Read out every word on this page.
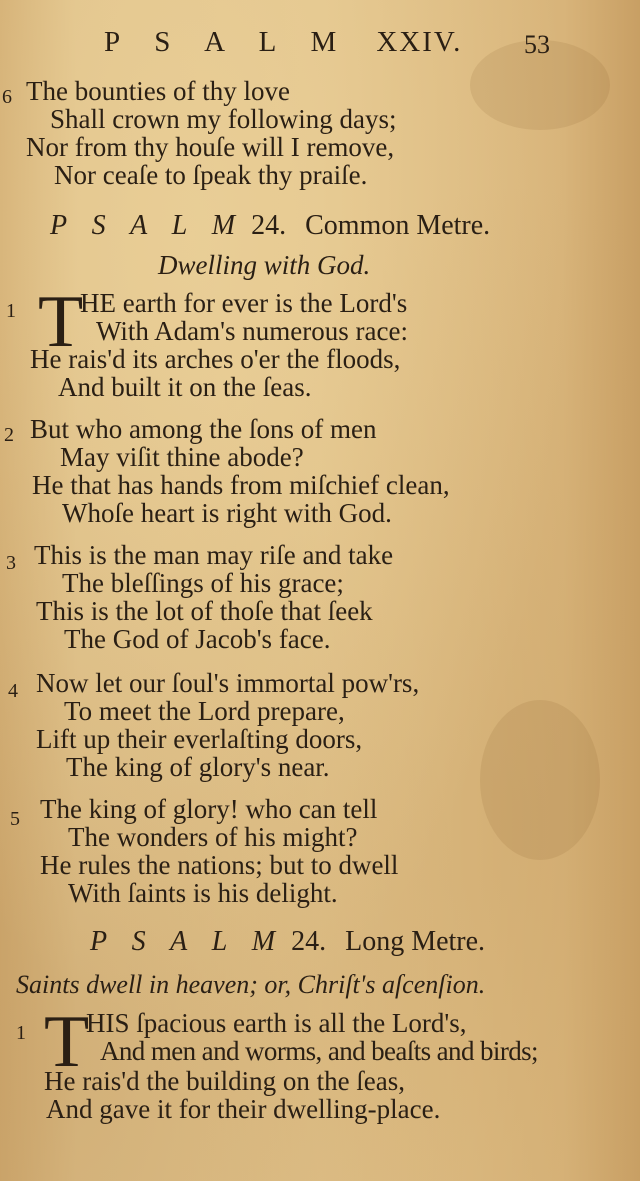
P S A L M XXIV. 53
6 The bounties of thy love
Shall crown my following days;
Nor from thy houſe will I remove,
Nor ceaſe to ſpeak thy praiſe.
P S A L M 24. Common Metre.
Dwelling with God.
1 T
HE earth for ever is the Lord's
With Adam's numerous race:
He rais'd its arches o'er the floods,
And built it on the ſeas.
2 But who among the ſons of men
May viſit thine abode?
He that has hands from miſchief clean,
Whoſe heart is right with God.
3 This is the man may riſe and take
The bleſſings of his grace;
This is the lot of thoſe that ſeek
The God of Jacob's face.
4 Now let our ſoul's immortal pow'rs,
To meet the Lord prepare,
Lift up their everlaſting doors,
The king of glory's near.
5 The king of glory! who can tell
The wonders of his might?
He rules the nations; but to dwell
With ſaints is his delight.
P S A L M 24. Long Metre.
Saints dwell in heaven; or, Chriſt's aſcenſion.
1 T
HIS ſpacious earth is all the Lord's,
And men and worms, and beaſts and birds;
He rais'd the building on the ſeas,
And gave it for their dwelling-place.
